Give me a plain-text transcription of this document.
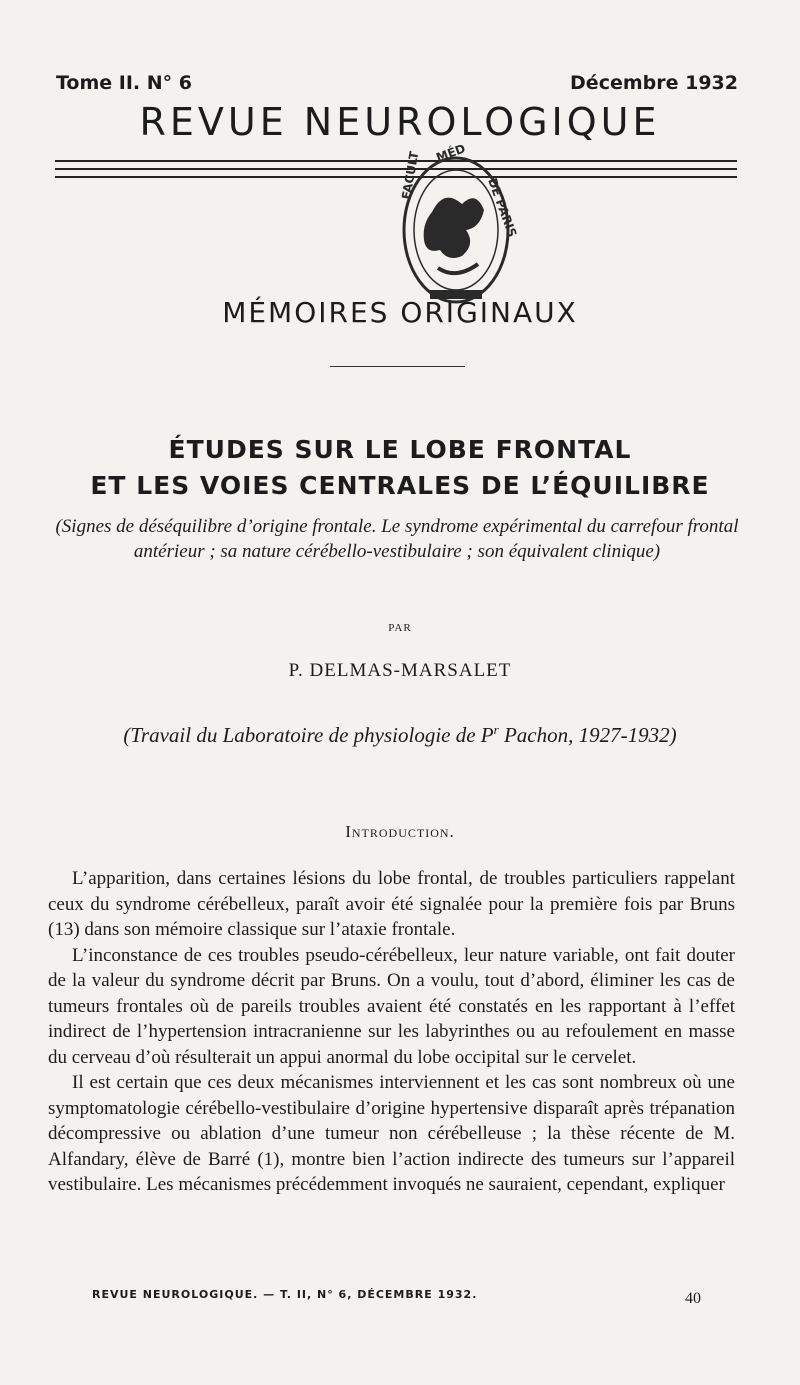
Tome II. N° 6	Décembre 1932
REVUE NEUROLOGIQUE
FACULT
DE PARIS
MÉD
MÉMOIRES ORIGINAUX
ÉTUDES SUR LE LOBE FRONTAL
ET LES VOIES CENTRALES DE L’ÉQUILIBRE
(Signes de déséquilibre d’origine frontale. Le syndrome expérimental du carrefour frontal antérieur ; sa nature cérébello-vestibulaire ; son équivalent clinique)
PAR
P. DELMAS-MARSALET
(Travail du Laboratoire de physiologie de $P^r$ Pachon, 1927-1932)
Introduction.

L’apparition, dans certaines lésions du lobe frontal, de troubles particuliers rappelant ceux du syndrome cérébelleux, paraît avoir été signalée pour la première fois par Bruns (13) dans son mémoire classique sur l’ataxie frontale.

L’inconstance de ces troubles pseudo-cérébelleux, leur nature variable, ont fait douter de la valeur du syndrome décrit par Bruns. On a voulu, tout d’abord, éliminer les cas de tumeurs frontales où de pareils troubles avaient été constatés en les rapportant à l’effet indirect de l’hypertension intracranienne sur les labyrinthes ou au refoulement en masse du cerveau d’où résulterait un appui anormal du lobe occipital sur le cervelet.

Il est certain que ces deux mécanismes interviennent et les cas sont nombreux où une symptomatologie cérébello-vestibulaire d’origine hypertensive disparaît après trépanation décompressive ou ablation d’une tumeur non cérébelleuse ; la thèse récente de M. Alfandary, élève de Barré (1), montre bien l’action indirecte des tumeurs sur l’appareil vestibulaire. Les mécanismes précédemment invoqués ne sauraient, cependant, expliquer

REVUE NEUROLOGIQUE. — T. II, N° 6, DÉCEMBRE 1932.	40
